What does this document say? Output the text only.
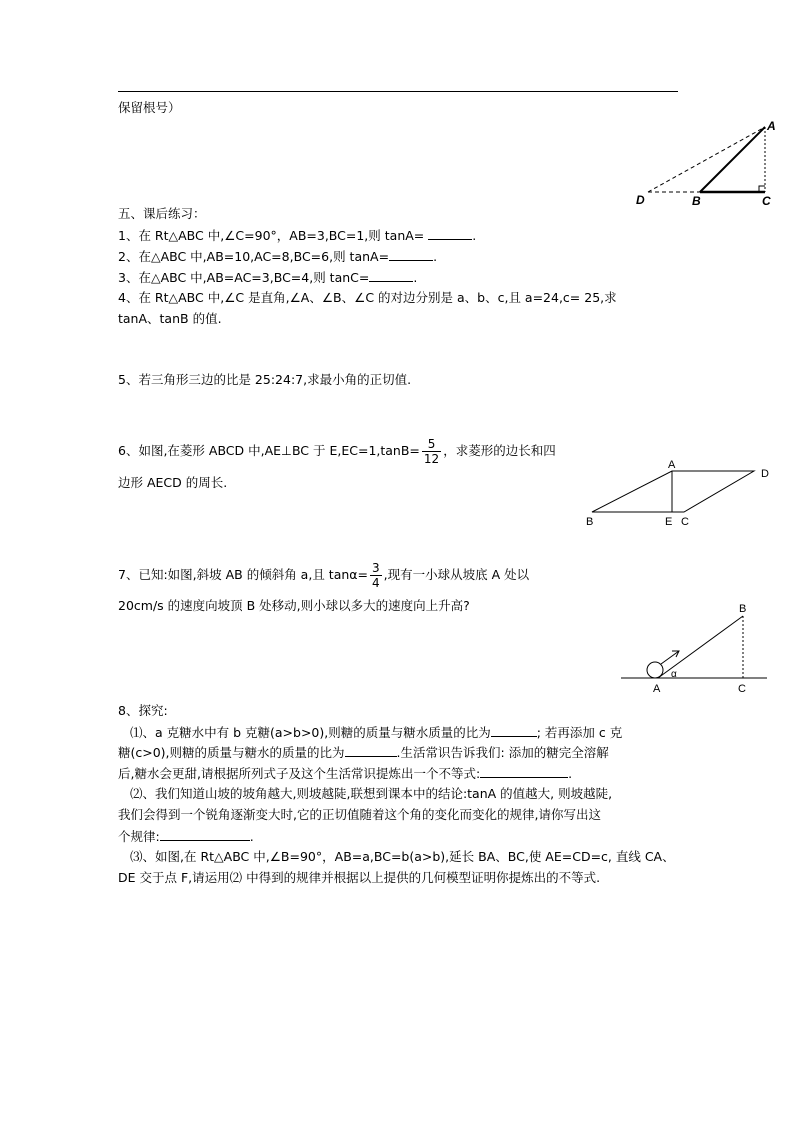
保留根号）
A
D	B	C
五、课后练习：
1、在 Rt△ABC 中,∠C=90°，AB=3,BC=1,则 tanA=	.
2、在△ABC 中,AB=10,AC=8,BC=6,则 tanA=	.
3、在△ABC 中,AB=AC=3,BC=4,则 tanC=	.
4、在 Rt△ABC 中,∠C 是直角,∠A、∠B、∠C 的对边分别是 a、b、c,且 a=24,c= 25,求
tanA、tanB 的值.
5、若三角形三边的比是 25:24:7,求最小角的正切值.
6、如图,在菱形 ABCD 中,AE⊥BC 于 $E,EC=1,\tan B= \frac{5}{12}$ ，求菱形的边长和四
边形 AECD 的周长.
A
D
B	E C
7、已知:如图,斜坡 AB 的倾斜角 a,且 $\tan\alpha= \frac{3}{4}$ ,现有一小球从坡底 A 处以
20cm/s 的速度向坡顶 B 处移动,则小球以多大的速度向上升高?	B
A	C
α
8、探究:
⑴、a 克糖水中有 b 克糖(a>b>0),则糖的质量与糖水质量的比为	; 若再添加 c 克
糖(c>0),则糖的质量与糖水的质量的比为	.生活常识告诉我们: 添加的糖完全溶解
后,糖水会更甜,请根据所列式子及这个生活常识提炼出一个不等式:	.
⑵、我们知道山坡的坡角越大,则坡越陡,联想到课本中的结论:tanA 的值越大, 则坡越陡,
我们会得到一个锐角逐渐变大时,它的正切值随着这个角的变化而变化的规律,请你写出这
个规律:	.
⑶、如图,在 Rt△ABC 中,∠B=90°，AB=a,BC=b(a>b),延长 BA、BC,使 AE=CD=c, 直线 CA、
DE 交于点 F,请运用⑵ 中得到的规律并根据以上提供的几何模型证明你提炼出的不等式.
